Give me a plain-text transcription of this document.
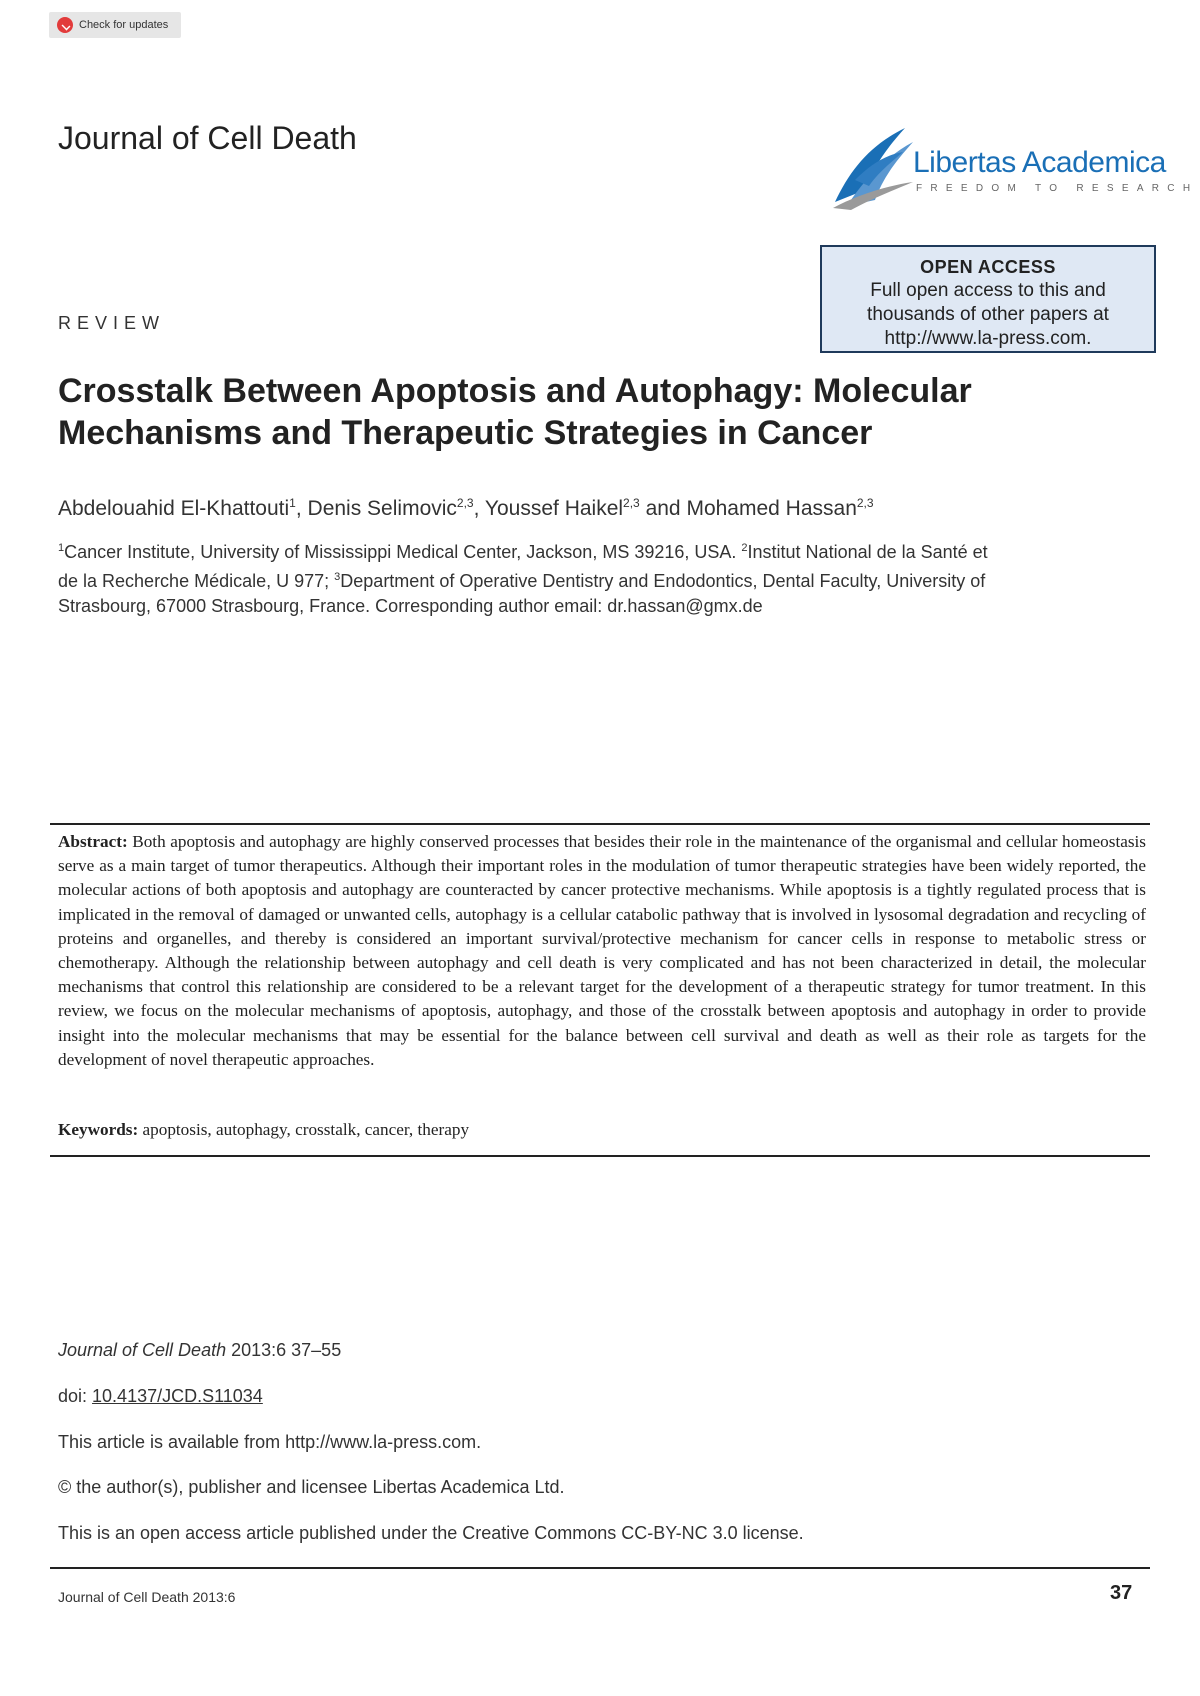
Check for updates
Journal of Cell Death
Libertas Academica
FREEDOM TO RESEARCH
OPEN ACCESS
Full open access to this and
thousands of other papers at
http://www.la-press.com.
REVIEW
Crosstalk Between Apoptosis and Autophagy: Molecular
Mechanisms and Therapeutic Strategies in Cancer
Abdelouahid El-Khattouti$^1$, Denis Selimovic$^{2,3}$, Youssef Haikel$^{2,3}$ and Mohamed Hassan$^{2,3}$
$^1$Cancer Institute, University of Mississippi Medical Center, Jackson, MS 39216, USA. $^2$Institut National de la Santé et
de la Recherche Médicale, U 977; $^3$Department of Operative Dentistry and Endodontics, Dental Faculty, University of
Strasbourg, 67000 Strasbourg, France. Corresponding author email: dr.hassan@gmx.de
Abstract: Both apoptosis and autophagy are highly conserved processes that besides their role in the maintenance of the organismal and cellular homeostasis serve as a main target of tumor therapeutics. Although their important roles in the modulation of tumor therapeutic strategies have been widely reported, the molecular actions of both apoptosis and autophagy are counteracted by cancer protective mechanisms. While apoptosis is a tightly regulated process that is implicated in the removal of damaged or unwanted cells, autophagy is a cellular catabolic pathway that is involved in lysosomal degradation and recycling of proteins and organelles, and thereby is considered an important survival/protective mechanism for cancer cells in response to metabolic stress or chemotherapy. Although the relationship between autophagy and cell death is very complicated and has not been characterized in detail, the molecular mechanisms that control this relationship are considered to be a relevant target for the development of a therapeutic strategy for tumor treatment. In this review, we focus on the molecular mechanisms of apoptosis, autophagy, and those of the crosstalk between apoptosis and autophagy in order to provide insight into the molecular mechanisms that may be essential for the balance between cell survival and death as well as their role as targets for the development of novel therapeutic approaches.
Keywords: apoptosis, autophagy, crosstalk, cancer, therapy
Journal of Cell Death 2013:6 37–55
doi: 10.4137/JCD.S11034
This article is available from http://www.la-press.com.
© the author(s), publisher and licensee Libertas Academica Ltd.
This is an open access article published under the Creative Commons CC-BY-NC 3.0 license.
Journal of Cell Death 2013:6	37
